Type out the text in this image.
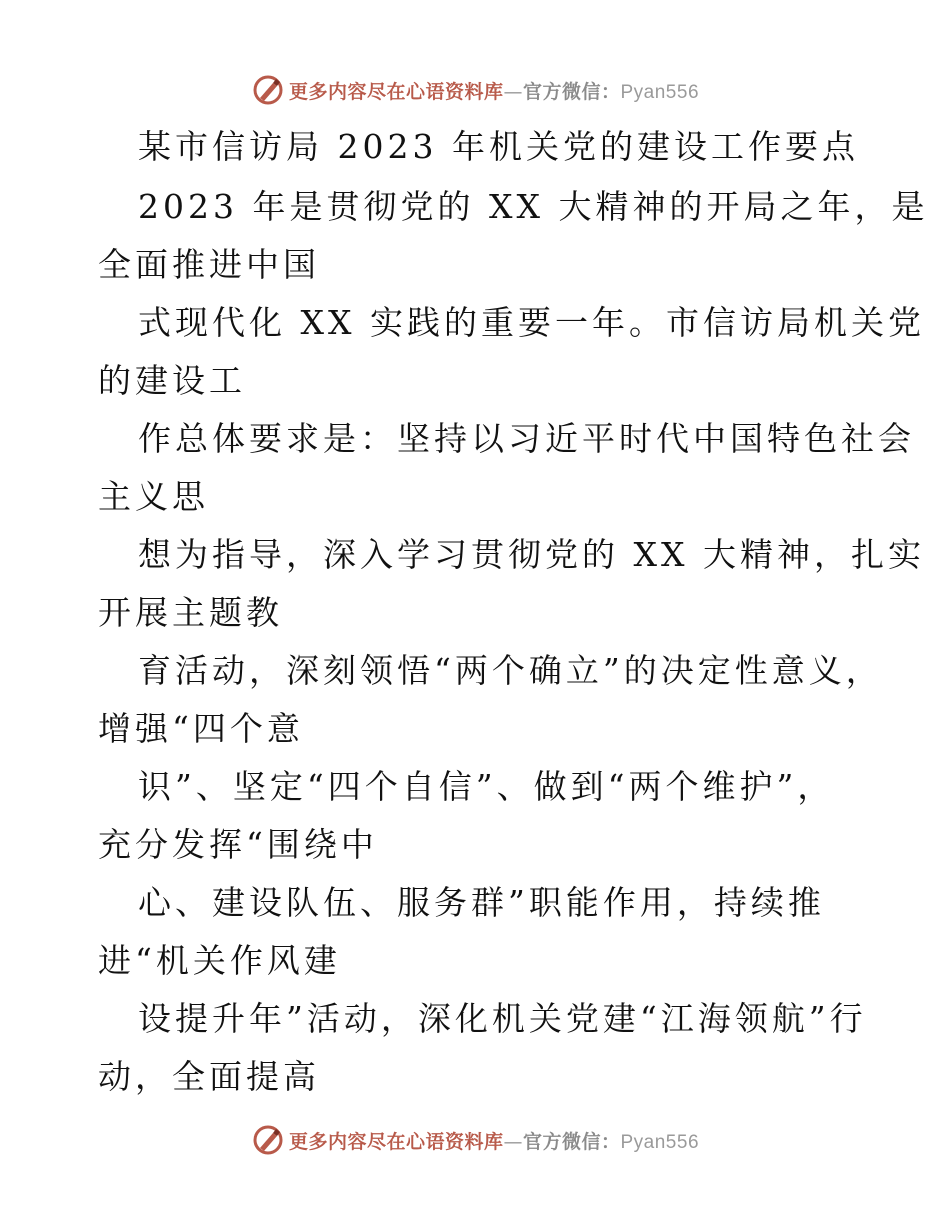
更多内容尽在心语资料库—官方微信：Pyan556
某市信访局 2023 年机关党的建设工作要点
2023 年是贯彻党的 XX 大精神的开局之年，是
全面推进中国
式现代化 XX 实践的重要一年。市信访局机关党
的建设工
作总体要求是：坚持以习近平时代中国特色社会
主义思
想为指导，深入学习贯彻党的 XX 大精神，扎实
开展主题教
育活动，深刻领悟“两个确立”的决定性意义，
增强“四个意
识”、坚定“四个自信”、做到“两个维护”，
充分发挥“围绕中
心、建设队伍、服务群”职能作用，持续推
进“机关作风建
设提升年”活动，深化机关党建“江海领航”行
动，全面提高
更多内容尽在心语资料库—官方微信：Pyan556
